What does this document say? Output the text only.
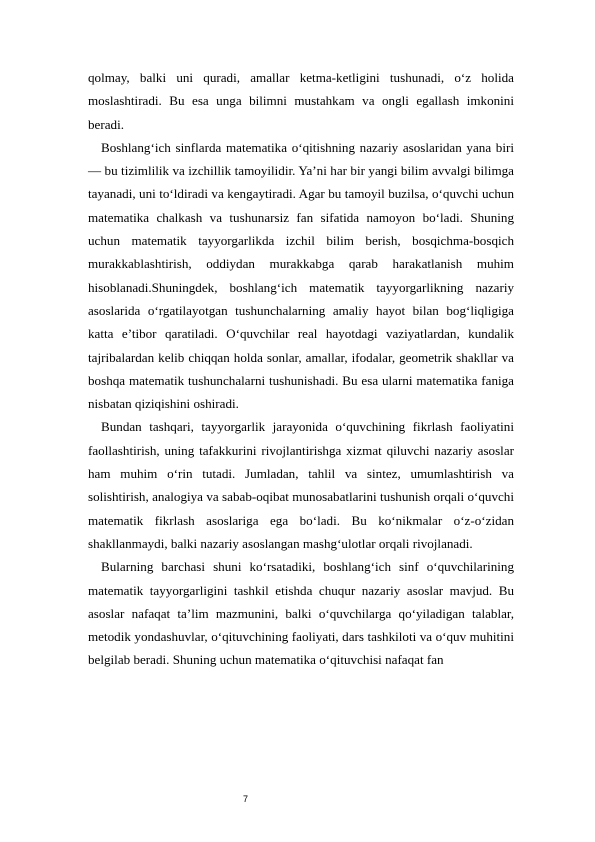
qolmay, balki uni quradi, amallar ketma-ketligini tushunadi, o‘z holida moslashtiradi. Bu esa unga bilimni mustahkam va ongli egallash imkonini beradi.

Boshlang‘ich sinflarda matematika o‘qitishning nazariy asoslaridan yana biri — bu tizimlilik va izchillik tamoyilidir. Ya’ni har bir yangi bilim avvalgi bilimga tayanadi, uni to‘ldiradi va kengaytiradi. Agar bu tamoyil buzilsa, o‘quvchi uchun matematika chalkash va tushunarsiz fan sifatida namoyon bo‘ladi. Shuning uchun matematik tayyorgarlikda izchil bilim berish, bosqichma-bosqich murakkablashtirish, oddiydan murakkabga qarab harakatlanish muhim hisoblanadi.Shuningdek, boshlang‘ich matematik tayyorgarlikning nazariy asoslarida o‘rgatilayotgan tushunchalarning amaliy hayot bilan bog‘liqligiga katta e’tibor qaratiladi. O‘quvchilar real hayotdagi vaziyatlardan, kundalik tajribalardan kelib chiqqan holda sonlar, amallar, ifodalar, geometrik shakllar va boshqa matematik tushunchalarni tushunishadi. Bu esa ularni matematika faniga nisbatan qiziqishini oshiradi.

Bundan tashqari, tayyorgarlik jarayonida o‘quvchining fikrlash faoliyatini faollashtirish, uning tafakkurini rivojlantirishga xizmat qiluvchi nazariy asoslar ham muhim o‘rin tutadi. Jumladan, tahlil va sintez, umumlashtirish va solishtirish, analogiya va sabab-oqibat munosabatlarini tushunish orqali o‘quvchi matematik fikrlash asoslariga ega bo‘ladi. Bu ko‘nikmalar o‘z-o‘zidan shakllanmaydi, balki nazariy asoslangan mashg‘ulotlar orqali rivojlanadi.

Bularning barchasi shuni ko‘rsatadiki, boshlang‘ich sinf o‘quvchilarining matematik tayyorgarligini tashkil etishda chuqur nazariy asoslar mavjud. Bu asoslar nafaqat ta’lim mazmunini, balki o‘quvchilarga qo‘yiladigan talablar, metodik yondashuvlar, o‘qituvchining faoliyati, dars tashkiloti va o‘quv muhitini belgilab beradi. Shuning uchun matematika o‘qituvchisi nafaqat fan

7
